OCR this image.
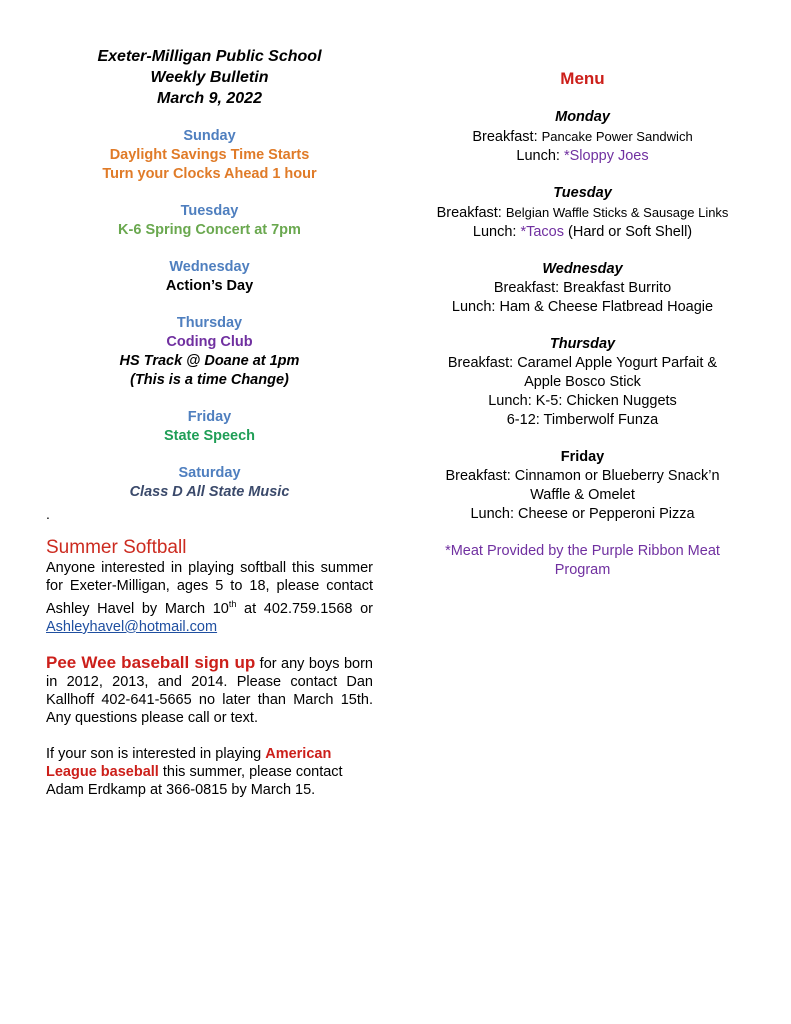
Exeter-Milligan Public School
Weekly Bulletin
March 9, 2022
Sunday
Daylight Savings Time Starts
Turn your Clocks Ahead 1 hour
Tuesday
K-6 Spring Concert at 7pm
Wednesday
Action’s Day
Thursday
Coding Club
HS Track @ Doane at 1pm
(This is a time Change)
Friday
State Speech
Saturday
Class D All State Music
.
Summer Softball
Anyone interested in playing softball this summer for Exeter-Milligan, ages 5 to 18, please contact Ashley Havel by March 10th at 402.759.1568 or Ashleyhavel@hotmail.com
Pee Wee baseball sign up for any boys born in 2012, 2013, and 2014. Please contact Dan Kallhoff 402-641-5665 no later than March 15th. Any questions please call or text.
If your son is interested in playing American League baseball this summer, please contact Adam Erdkamp at 366-0815 by March 15.
Menu
Monday
Breakfast: Pancake Power Sandwich
Lunch: *Sloppy Joes
Tuesday
Breakfast: Belgian Waffle Sticks & Sausage Links
Lunch: *Tacos (Hard or Soft Shell)
Wednesday
Breakfast: Breakfast Burrito
Lunch: Ham & Cheese Flatbread Hoagie
Thursday
Breakfast: Caramel Apple Yogurt Parfait &
Apple Bosco Stick
Lunch: K-5: Chicken Nuggets
6-12: Timberwolf Funza
Friday
Breakfast: Cinnamon or Blueberry Snack’n
Waffle & Omelet
Lunch: Cheese or Pepperoni Pizza
*Meat Provided by the Purple Ribbon Meat
Program
